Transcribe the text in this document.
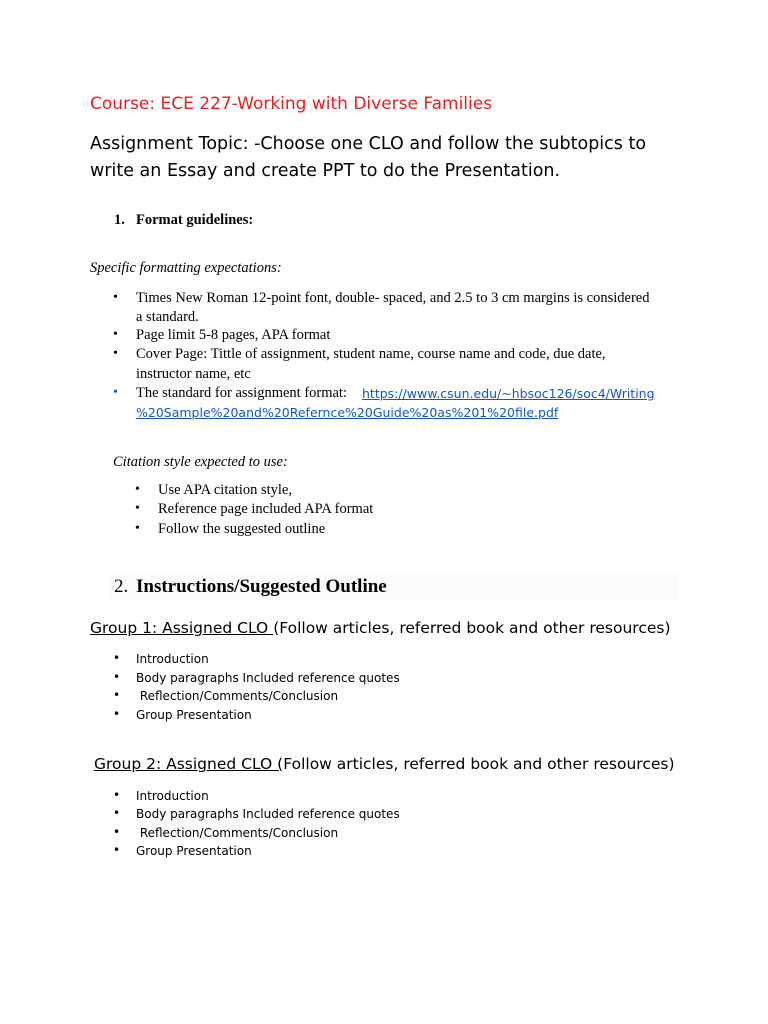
Course: ECE 227-Working with Diverse Families
Assignment Topic: -Choose one CLO and follow the subtopics to write an Essay and create PPT to do the Presentation.
1. Format guidelines:
Specific formatting expectations:
• Times New Roman 12-point font, double- spaced, and 2.5 to 3 cm margins is considered
a standard.
• Page limit 5-8 pages, APA format
• Cover Page: Tittle of assignment, student name, course name and code, due date,
instructor name, etc
• The standard for assignment format: https://www.csun.edu/~hbsoc126/soc4/Writing
%20Sample%20and%20Refernce%20Guide%20as%201%20file.pdf
Citation style expected to use:
• Use APA citation style,
• Reference page included APA format
• Follow the suggested outline
2. Instructions/Suggested Outline
Group 1: Assigned CLO (Follow articles, referred book and other resources)
• Introduction
• Body paragraphs Included reference quotes
• Reflection/Comments/Conclusion
• Group Presentation
Group 2: Assigned CLO (Follow articles, referred book and other resources)
• Introduction
• Body paragraphs Included reference quotes
• Reflection/Comments/Conclusion
• Group Presentation
